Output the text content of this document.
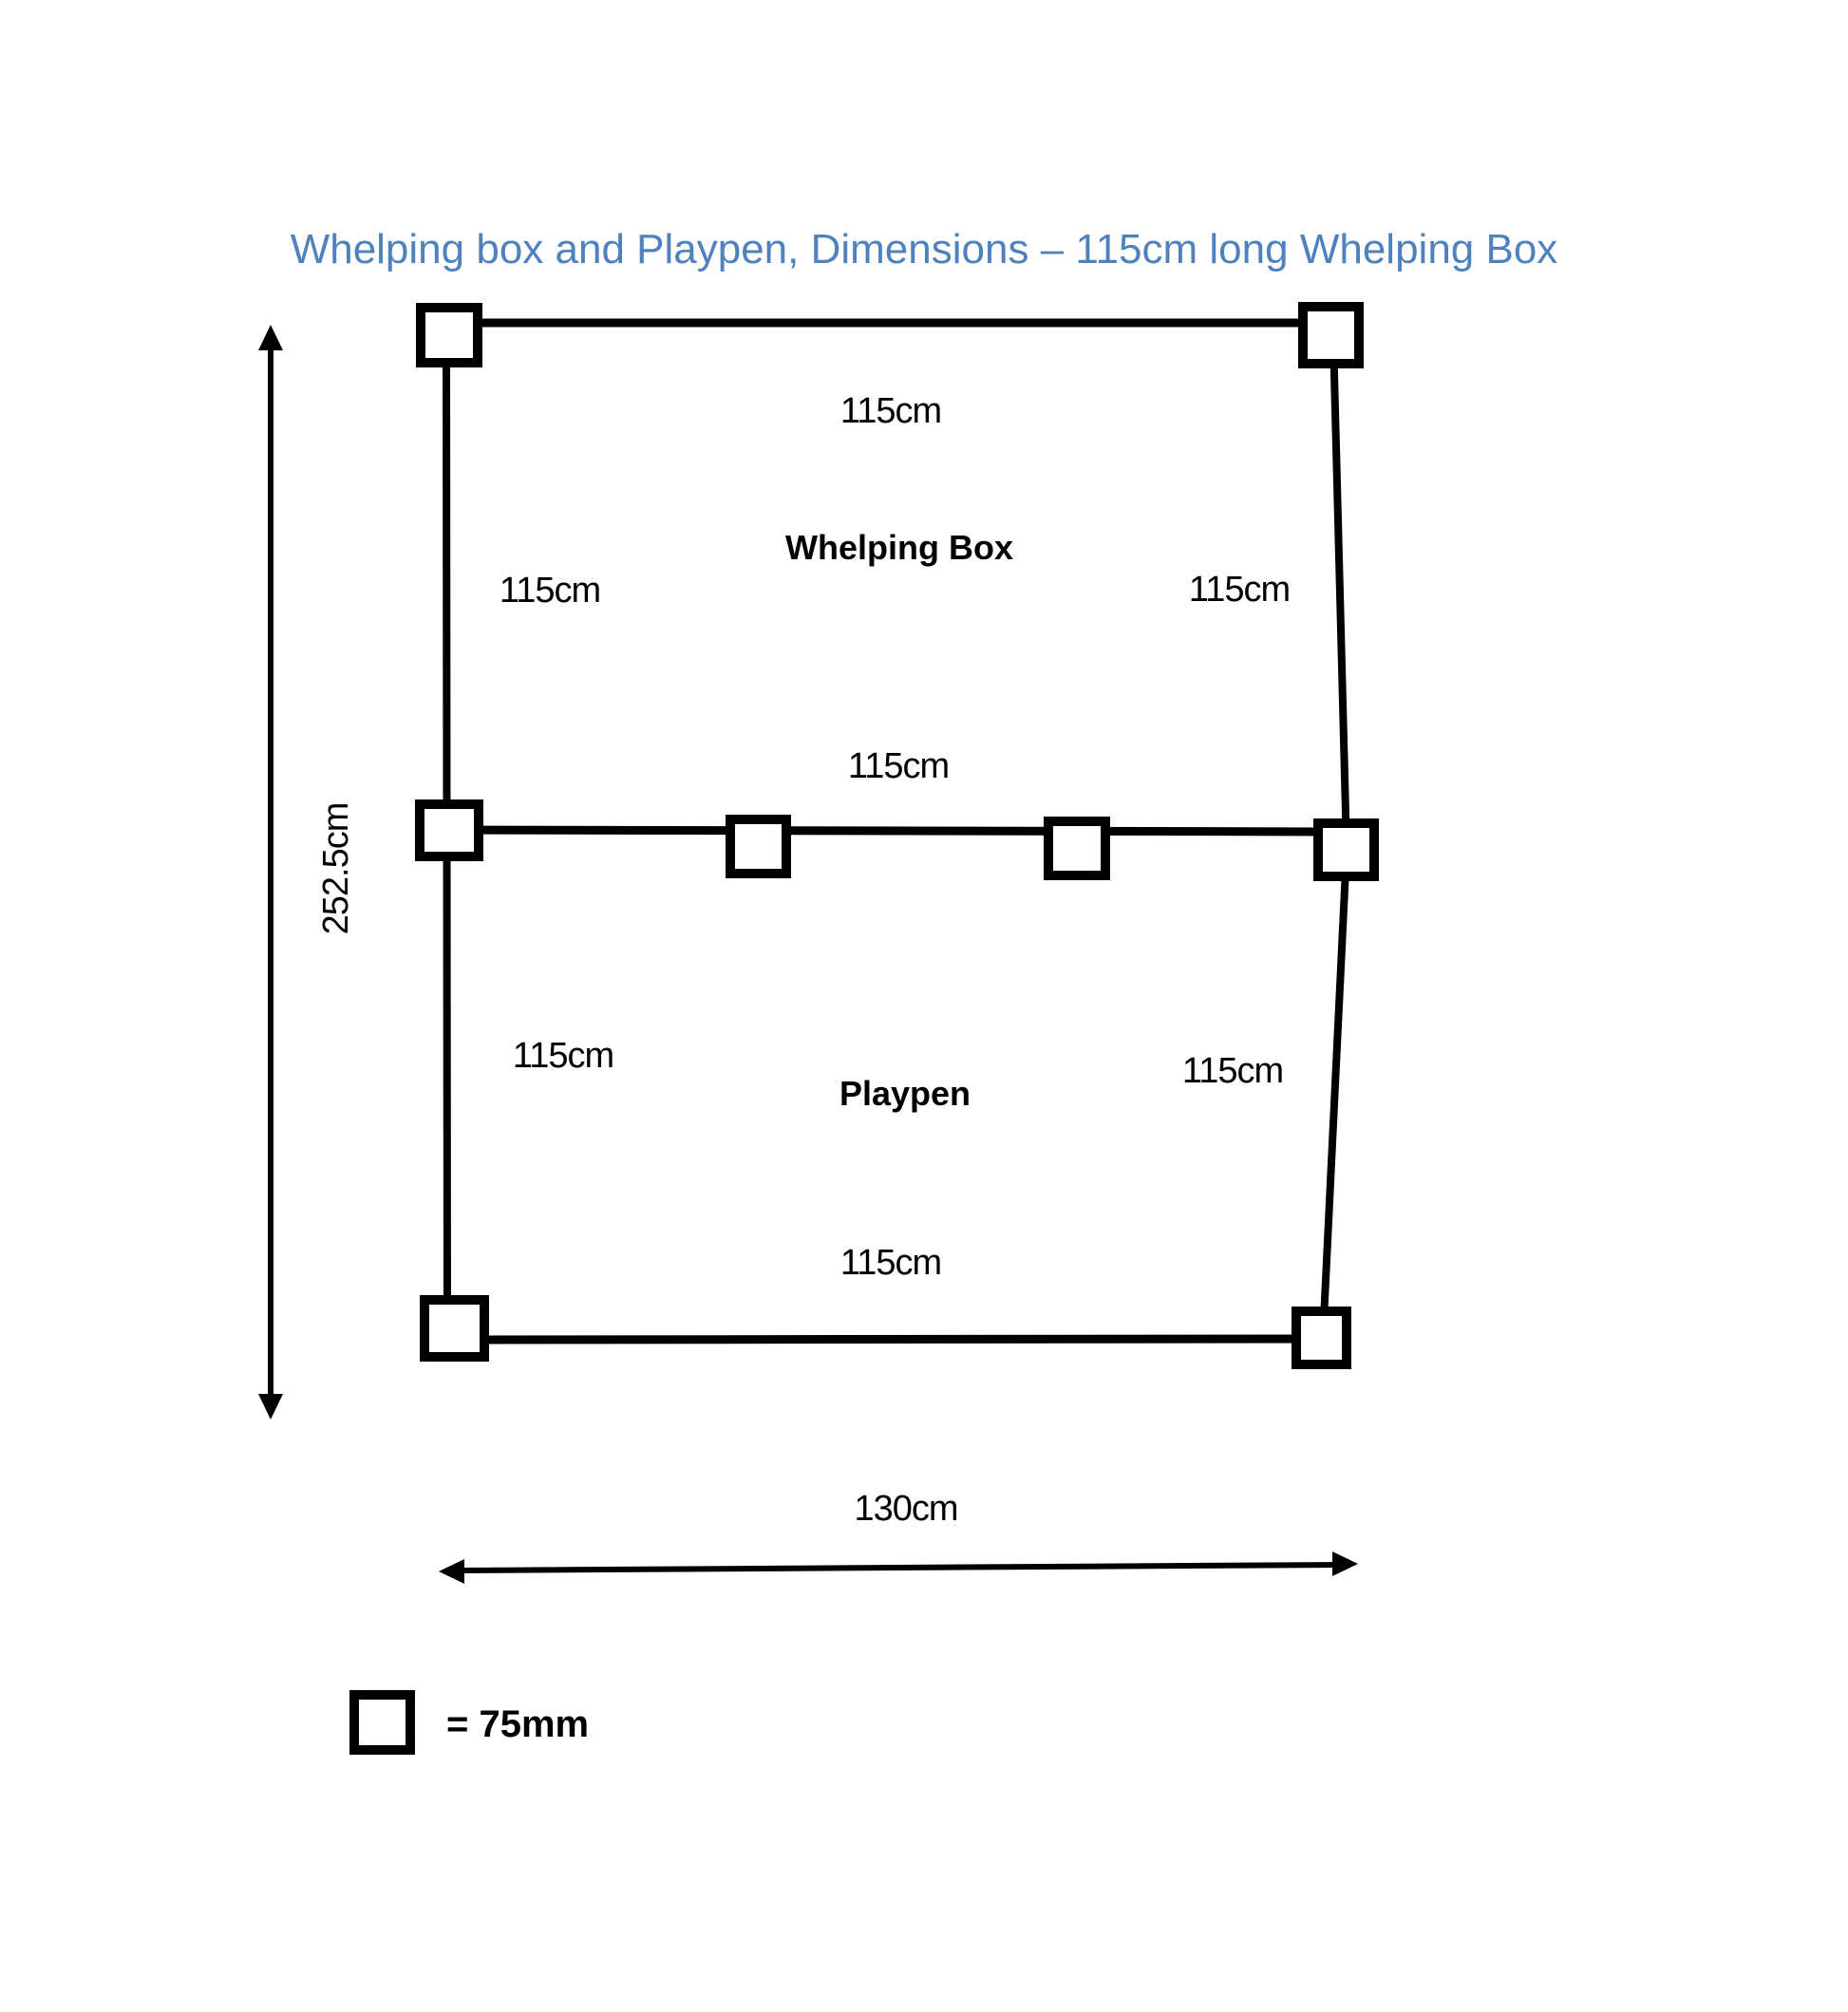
Whelping box and Playpen, Dimensions – 115cm long Whelping Box
115cm
Whelping Box
115cm	115cm
115cm
115cm
Playpen
115cm
115cm
252.5cm
130cm
= 75mm
